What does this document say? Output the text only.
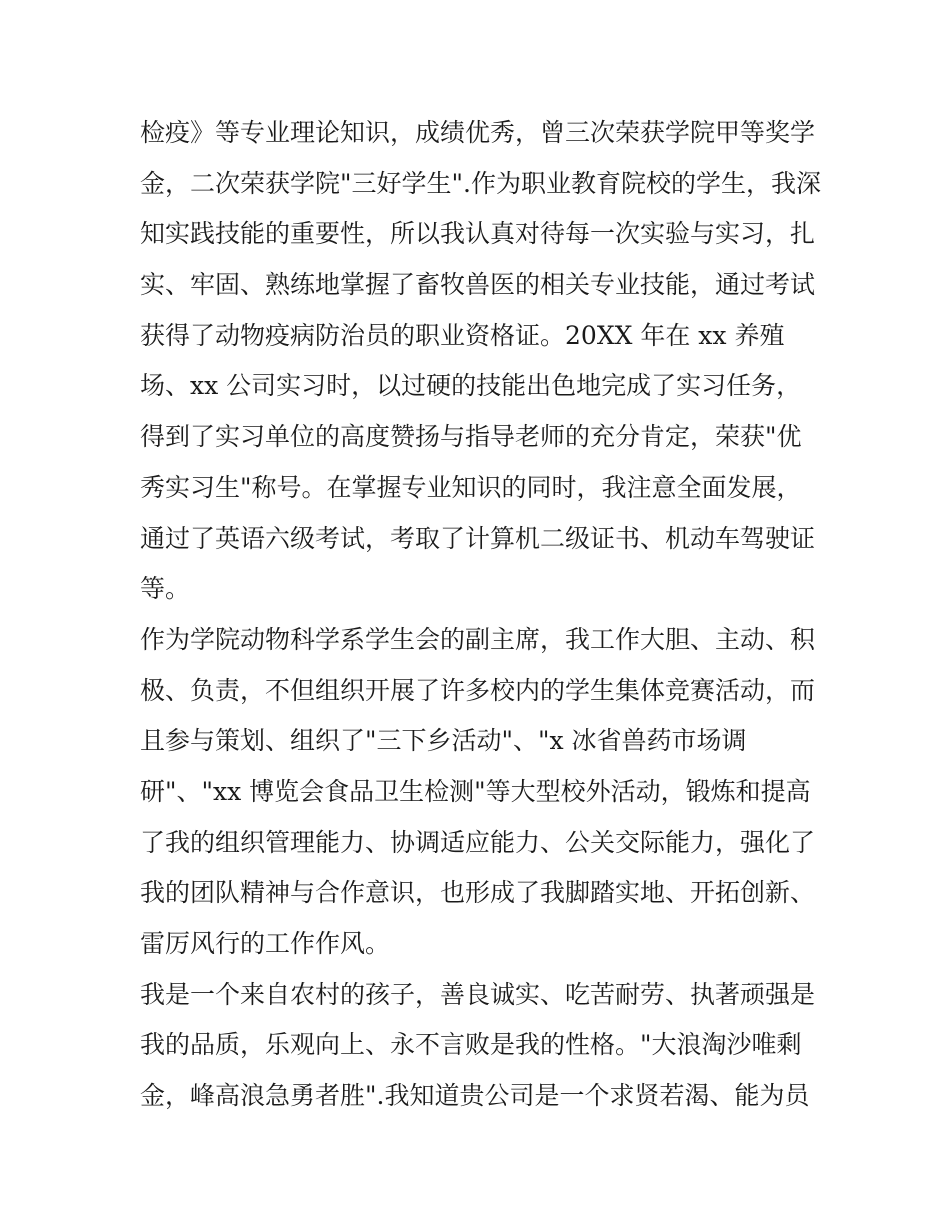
检疫》等专业理论知识，成绩优秀，曾三次荣获学院甲等奖学
金，二次荣获学院"三好学生".作为职业教育院校的学生，我深
知实践技能的重要性，所以我认真对待每一次实验与实习，扎
实、牢固、熟练地掌握了畜牧兽医的相关专业技能，通过考试
获得了动物疫病防治员的职业资格证。20XX 年在 xx 养殖
场、xx 公司实习时，以过硬的技能出色地完成了实习任务，
得到了实习单位的高度赞扬与指导老师的充分肯定，荣获"优
秀实习生"称号。在掌握专业知识的同时，我注意全面发展，
通过了英语六级考试，考取了计算机二级证书、机动车驾驶证
等。
作为学院动物科学系学生会的副主席，我工作大胆、主动、积
极、负责，不但组织开展了许多校内的学生集体竞赛活动，而
且参与策划、组织了"三下乡活动"、"x 冰省兽药市场调
研"、"xx 博览会食品卫生检测"等大型校外活动，锻炼和提高
了我的组织管理能力、协调适应能力、公关交际能力，强化了
我的团队精神与合作意识，也形成了我脚踏实地、开拓创新、
雷厉风行的工作作风。
我是一个来自农村的孩子，善良诚实、吃苦耐劳、执著顽强是
我的品质，乐观向上、永不言败是我的性格。"大浪淘沙唯剩
金，峰高浪急勇者胜".我知道贵公司是一个求贤若渴、能为员
